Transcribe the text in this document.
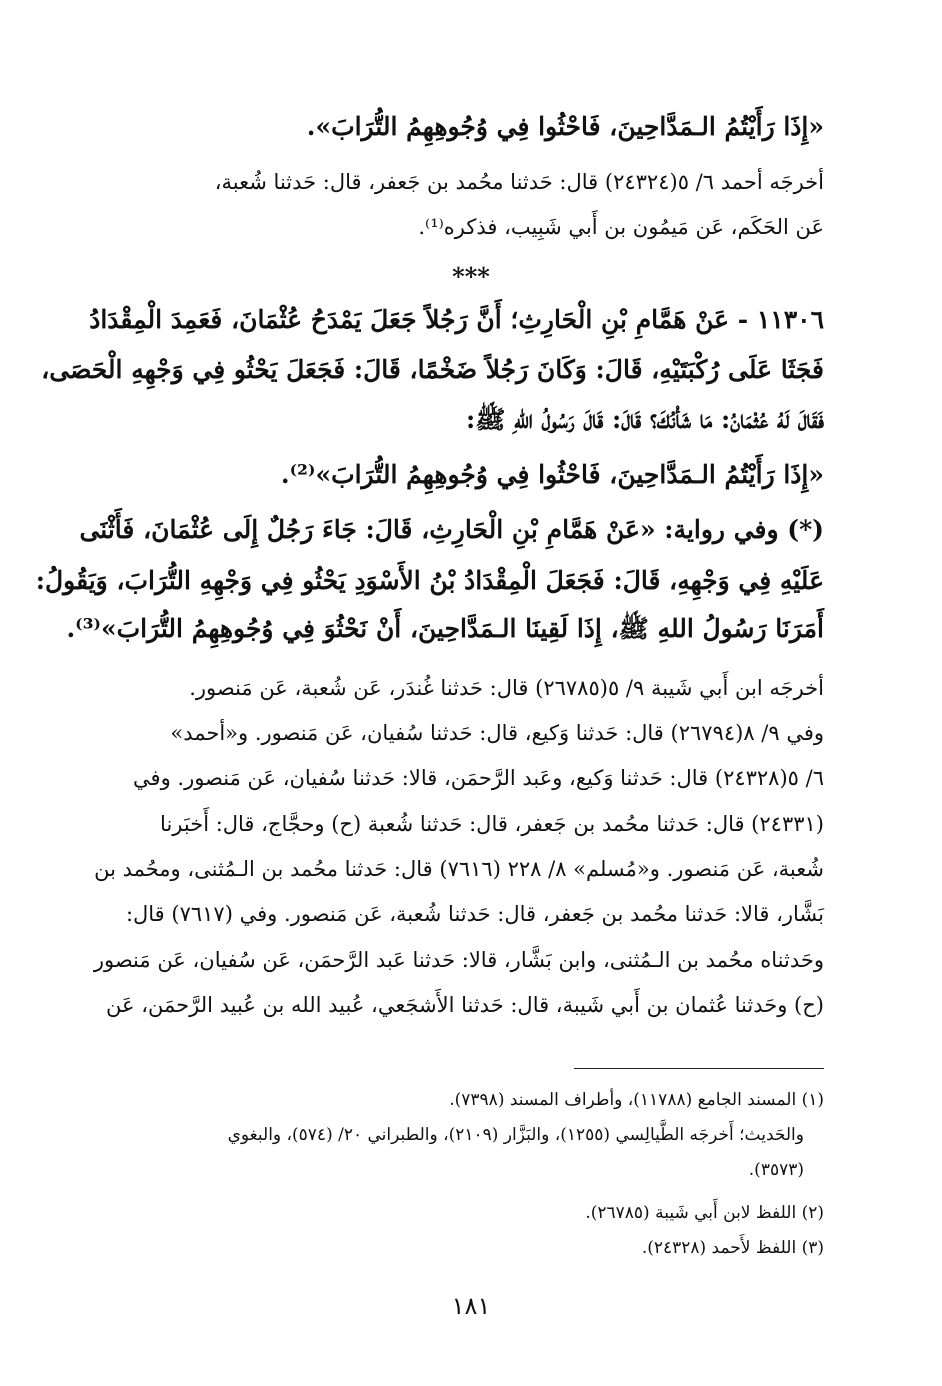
«إِذَا رَأَيْتُمُ الـمَدَّاحِينَ، فَاحْثُوا فِي وُجُوهِهِمُ التُّرَابَ».
أخرجَه أحمد ٦/ ٥(٢٤٣٢٤) قال: حَدثنا محُمد بن جَعفر، قال: حَدثنا شُعبة،
عَن الحَكَم، عَن مَيمُون بن أَبي شَبِيب، فذكره⁽¹⁾.
***
١١٣٠٦ - عَنْ هَمَّامِ بْنِ الْحَارِثِ؛ أَنَّ رَجُلاً جَعَلَ يَمْدَحُ عُثْمَانَ، فَعَمِدَ الْمِقْدَادُ
فَجَثَا عَلَى رُكْبَتَيْهِ، قَالَ: وَكَانَ رَجُلاً ضَخْمًا، قَالَ: فَجَعَلَ يَحْثُو فِي وَجْهِهِ الْحَصَى،
فَقَالَ لَهُ عُثْمَانُ: مَا شَأْنُكَ؟ قَالَ: قَالَ رَسُولُ اللهِ ﷺ:
«إِذَا رَأَيْتُمُ الـمَدَّاحِينَ، فَاحْثُوا فِي وُجُوهِهِمُ التُّرَابَ»⁽²⁾.
(*) وفي رواية: «عَنْ هَمَّامِ بْنِ الْحَارِثِ، قَالَ: جَاءَ رَجُلٌ إِلَى عُثْمَانَ، فَأَثْنَى
عَلَيْهِ فِي وَجْهِهِ، قَالَ: فَجَعَلَ الْمِقْدَادُ بْنُ الأَسْوَدِ يَحْثُو فِي وَجْهِهِ التُّرَابَ، وَيَقُولُ:
أَمَرَنَا رَسُولُ اللهِ ﷺ، إِذَا لَقِينَا الـمَدَّاحِينَ، أَنْ نَحْثُوَ فِي وُجُوهِهِمُ التُّرَابَ»⁽³⁾.
أخرجَه ابن أَبي شَيبة ٩/ ٥(٢٦٧٨٥) قال: حَدثنا غُندَر، عَن شُعبة، عَن مَنصور.
وفي ٩/ ٨(٢٦٧٩٤) قال: حَدثنا وَكيع، قال: حَدثنا سُفيان، عَن مَنصور. و«أحمد»
٦/ ٥(٢٤٣٢٨) قال: حَدثنا وَكيع، وعَبد الرَّحمَن، قالا: حَدثنا سُفيان، عَن مَنصور. وفي
(٢٤٣٣١) قال: حَدثنا محُمد بن جَعفر، قال: حَدثنا شُعبة (ح) وحجَّاج، قال: أَخبَرنا
شُعبة، عَن مَنصور. و«مُسلم» ٨/ ٢٢٨ (٧٦١٦) قال: حَدثنا محُمد بن الـمُثنى، ومحُمد بن
بَشَّار، قالا: حَدثنا محُمد بن جَعفر، قال: حَدثنا شُعبة، عَن مَنصور. وفي (٧٦١٧) قال:
وحَدثناه محُمد بن الـمُثنى، وابن بَشَّار، قالا: حَدثنا عَبد الرَّحمَن، عَن سُفيان، عَن مَنصور
(ح) وحَدثنا عُثمان بن أَبي شَيبة، قال: حَدثنا الأَشجَعي، عُبيد الله بن عُبيد الرَّحمَن، عَن
(١) المسند الجامع (١١٧٨٨)، وأطراف المسند (٧٣٩٨).
والحَديث؛ أَخرجَه الطَّيالِسي (١٢٥٥)، والبَزَّار (٢١٠٩)، والطبراني ٢٠/ (٥٧٤)، والبغوي
(٣٥٧٣).
(٢) اللفظ لابن أَبي شَيبة (٢٦٧٨٥).
(٣) اللفظ لأَحمد (٢٤٣٢٨).
١٨١
